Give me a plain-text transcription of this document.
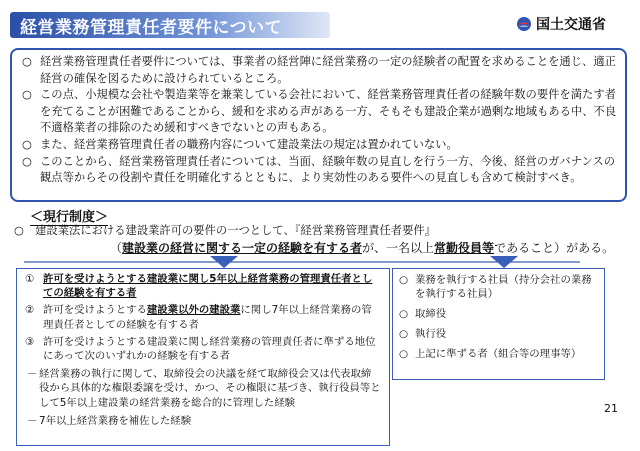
経営業務管理責任者要件について	国土交通省
○ 経営業務管理責任者要件については、事業者の経営陣に経営業務の一定の経験者の配置を求めることを通じ、適正経営の確保を図るために設けられているところ。
○ この点、小規模な会社や製造業等を兼業している会社において、経営業務管理責任者の経験年数の要件を満たす者を充てることが困難であることから、緩和を求める声がある一方、そもそも建設企業が過剰な地域もある中、不良不適格業者の排除のため緩和すべきでないとの声もある。
○ また、経営業務管理責任者の職務内容について建設業法の規定は置かれていない。
○ このことから、経営業務管理責任者については、当面、経験年数の見直しを行う一方、今後、経営のガバナンスの観点等からその役割や責任を明確化するとともに、より実効性のある要件への見直しも含めて検討すべき。
＜現行制度＞
○　建設業法における建設業許可の要件の一つとして、『経営業務管理責任者要件』
（建設業の経営に関する一定の経験を有する者が、一名以上常勤役員等であること）がある。
① 許可を受けようとする建設業に関し5年以上経営業務の管理責任者としての経験を有する者
② 許可を受けようとする建設業以外の建設業に関し7年以上経営業務の管理責任者としての経験を有する者
③ 許可を受けようとする建設業に関し経営業務の管理責任者に準ずる地位にあって次のいずれかの経験を有する者
－ 経営業務の執行に関して、取締役会の決議を経て取締役会又は代表取締役から具体的な権限委譲を受け、かつ、その権限に基づき、執行役員等として5年以上建設業の経営業務を総合的に管理した経験
－ 7年以上経営業務を補佐した経験
○ 業務を執行する社員（持分会社の業務を執行する社員）
○ 取締役
○ 執行役
○ 上記に準ずる者（組合等の理事等）
21
